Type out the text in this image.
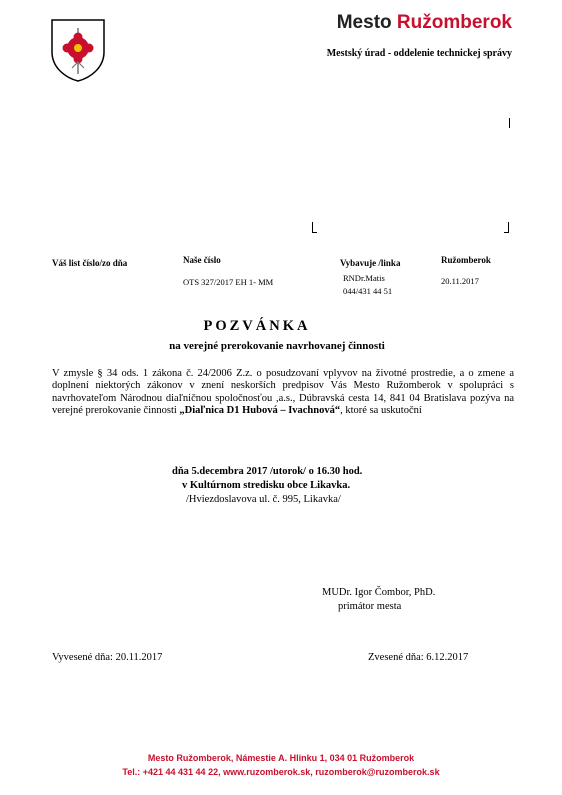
Mesto Ružomberok
Mestský úrad - oddelenie technickej správy
Váš list číslo/zo dňa	Naše číslo
OTS 327/2017 EH 1- MM
Vybavuje /linka
RNDr.Matis
044/431 44 51
Ružomberok
20.11.2017
POZVÁNKA
na verejné prerokovanie navrhovanej činnosti
V zmysle § 34 ods. 1 zákona č. 24/2006 Z.z. o posudzovaní vplyvov na životné prostredie, a o zmene a doplnení niektorých zákonov v znení neskorších predpisov Vás Mesto Ružomberok v spolupráci s navrhovateľom Národnou diaľničnou spoločnosťou ,a.s., Dúbravská cesta 14, 841 04 Bratislava pozýva na verejné prerokovanie činnosti „Diaľnica D1 Hubová – Ivachnová“, ktoré sa uskutoční
dňa 5.decembra 2017 /utorok/ o 16.30 hod.
v Kultúrnom stredisku obce Likavka.
/Hviezdoslavova ul. č. 995, Likavka/
MUDr. Igor Čombor, PhD.
primátor mesta
Vyvesené dňa: 20.11.2017	Zvesené dňa: 6.12.2017
Mesto Ružomberok, Námestie A. Hlinku 1, 034 01 Ružomberok
Tel.: +421 44 431 44 22, www.ruzomberok.sk, ruzomberok@ruzomberok.sk
